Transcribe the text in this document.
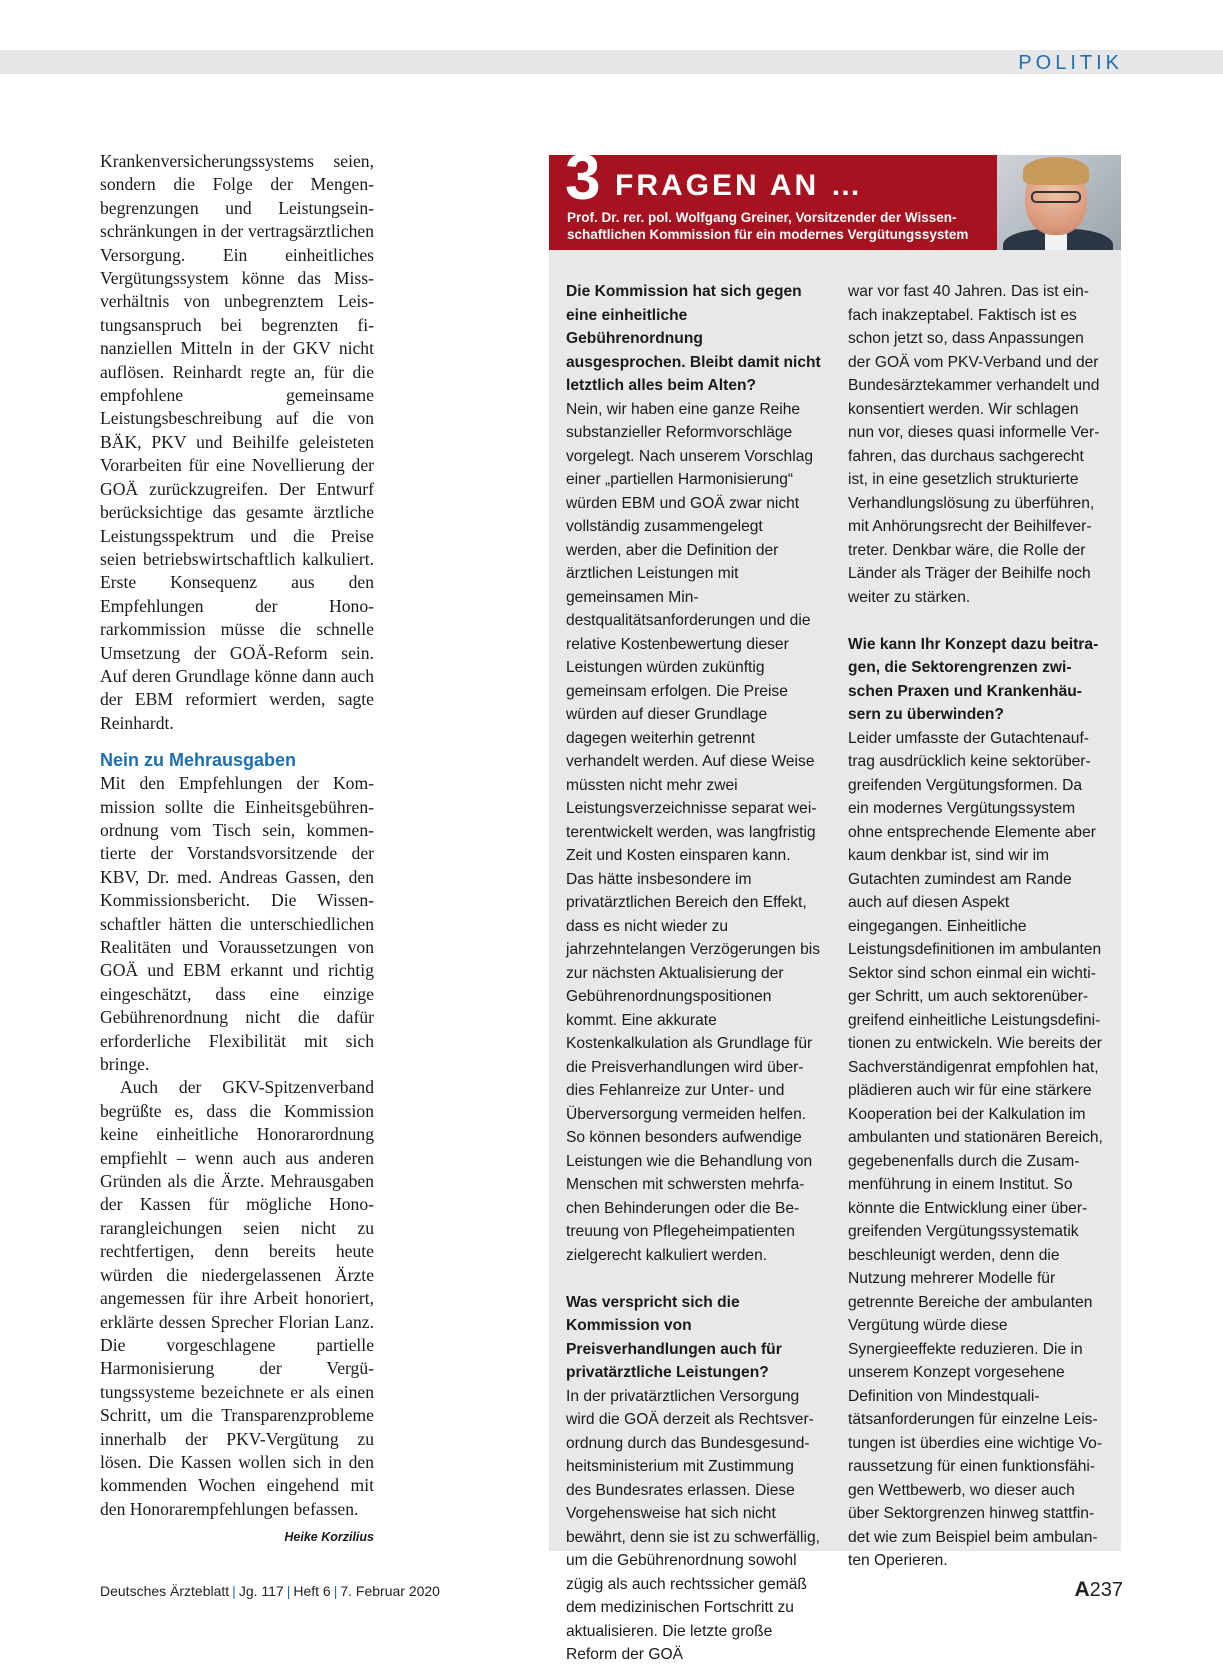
POLITIK

Krankenversicherungssystems seien, sondern die Folge der Mengenbegrenzungen und Leistungseinschränkungen in der vertragsärztlichen Versorgung. Ein einheitliches Vergütungssystem könne das Missverhältnis von unbegrenztem Leistungsanspruch bei begrenzten finanziellen Mitteln in der GKV nicht auflösen. Reinhardt regte an, für die empfohlene gemeinsame Leistungsbeschreibung auf die von BÄK, PKV und Beihilfe geleisteten Vorarbeiten für eine Novellierung der GOÄ zurückzugreifen. Der Entwurf berücksichtige das gesamte ärztliche Leistungsspektrum und die Preise seien betriebswirtschaftlich kalkuliert. Erste Konsequenz aus den Empfehlungen der Honorarkommission müsse die schnelle Umsetzung der GOÄ-Reform sein. Auf deren Grundlage könne dann auch der EBM reformiert werden, sagte Reinhardt.

Nein zu Mehrausgaben

Mit den Empfehlungen der Kommission sollte die Einheitsgebührenordnung vom Tisch sein, kommentierte der Vorstandsvorsitzende der KBV, Dr. med. Andreas Gassen, den Kommissionsbericht. Die Wissenschaftler hätten die unterschiedlichen Realitäten und Voraussetzungen von GOÄ und EBM erkannt und richtig eingeschätzt, dass eine einzige Gebührenordnung nicht die dafür erforderliche Flexibilität mit sich bringe.

Auch der GKV-Spitzenverband begrüßte es, dass die Kommission keine einheitliche Honorarordnung empfiehlt – wenn auch aus anderen Gründen als die Ärzte. Mehrausgaben der Kassen für mögliche Honorarangleichungen seien nicht zu rechtfertigen, denn bereits heute würden die niedergelassenen Ärzte angemessen für ihre Arbeit honoriert, erklärte dessen Sprecher Florian Lanz. Die vorgeschlagene partielle Harmonisierung der Vergütungssysteme bezeichnete er als einen Schritt, um die Transparenzprobleme innerhalb der PKV-Vergütung zu lösen. Die Kassen wollen sich in den kommenden Wochen eingehend mit den Honorarempfehlungen befassen.
Heike Korzilius

3 FRAGEN AN …
Prof. Dr. rer. pol. Wolfgang Greiner, Vorsitzender der Wissenschaftlichen Kommission für ein modernes Vergütungssystem

Die Kommission hat sich gegen eine einheitliche Gebührenordnung ausgesprochen. Bleibt damit nicht letztlich alles beim Alten?

Nein, wir haben eine ganze Reihe substanzieller Reformvorschläge vorgelegt. Nach unserem Vorschlag einer „partiellen Harmonisierung“ würden EBM und GOÄ zwar nicht vollständig zusammengelegt werden, aber die Definition der ärztlichen Leistungen mit gemeinsamen Mindestqualitätsanforderungen und die relative Kostenbewertung dieser Leistungen würden zukünftig gemeinsam erfolgen. Die Preise würden auf dieser Grundlage dagegen weiterhin getrennt verhandelt werden. Auf diese Weise müssten nicht mehr zwei Leistungsverzeichnisse separat weiterentwickelt werden, was langfristig Zeit und Kosten einsparen kann. Das hätte insbesondere im privatärztlichen Bereich den Effekt, dass es nicht wieder zu jahrzehntelangen Verzögerungen bis zur nächsten Aktualisierung der Gebührenordnungspositionen kommt. Eine akkurate Kostenkalkulation als Grundlage für die Preisverhandlungen wird überdies Fehlanreize zur Unter- und Überversorgung vermeiden helfen. So können besonders aufwendige Leistungen wie die Behandlung von Menschen mit schwersten mehrfachen Behinderungen oder die Betreuung von Pflegeheimpatienten zielgerecht kalkuliert werden.

Was verspricht sich die Kommission von Preisverhandlungen auch für privatärztliche Leistungen?

In der privatärztlichen Versorgung wird die GOÄ derzeit als Rechtsverordnung durch das Bundesgesundheitsministerium mit Zustimmung des Bundesrates erlassen. Diese Vorgehensweise hat sich nicht bewährt, denn sie ist zu schwerfällig, um die Gebührenordnung sowohl zügig als auch rechtssicher gemäß dem medizinischen Fortschritt zu aktualisieren. Die letzte große Reform der GOÄ

war vor fast 40 Jahren. Das ist einfach inakzeptabel. Faktisch ist es schon jetzt so, dass Anpassungen der GOÄ vom PKV-Verband und der Bundesärztekammer verhandelt und konsentiert werden. Wir schlagen nun vor, dieses quasi informelle Verfahren, das durchaus sachgerecht ist, in eine gesetzlich strukturierte Verhandlungslösung zu überführen, mit Anhörungsrecht der Beihilfevertreter. Denkbar wäre, die Rolle der Länder als Träger der Beihilfe noch weiter zu stärken.

Wie kann Ihr Konzept dazu beitragen, die Sektorengrenzen zwischen Praxen und Krankenhäusern zu überwinden?

Leider umfasste der Gutachtenauftrag ausdrücklich keine sektorübergreifenden Vergütungsformen. Da ein modernes Vergütungssystem ohne entsprechende Elemente aber kaum denkbar ist, sind wir im Gutachten zumindest am Rande auch auf diesen Aspekt eingegangen. Einheitliche Leistungsdefinitionen im ambulanten Sektor sind schon einmal ein wichtiger Schritt, um auch sektorenübergreifend einheitliche Leistungsdefinitionen zu entwickeln. Wie bereits der Sachverständigenrat empfohlen hat, plädieren auch wir für eine stärkere Kooperation bei der Kalkulation im ambulanten und stationären Bereich, gegebenenfalls durch die Zusammenführung in einem Institut. So könnte die Entwicklung einer übergreifenden Vergütungssystematik beschleunigt werden, denn die Nutzung mehrerer Modelle für getrennte Bereiche der ambulanten Vergütung würde diese Synergieeffekte reduzieren. Die in unserem Konzept vorgesehene Definition von Mindestqualitätsanforderungen für einzelne Leistungen ist überdies eine wichtige Voraussetzung für einen funktionsfähigen Wettbewerb, wo dieser auch über Sektorgrenzen hinweg stattfindet wie zum Beispiel beim ambulanten Operieren.

Deutsches Ärzteblatt | Jg. 117 | Heft 6 | 7. Februar 2020	A237
